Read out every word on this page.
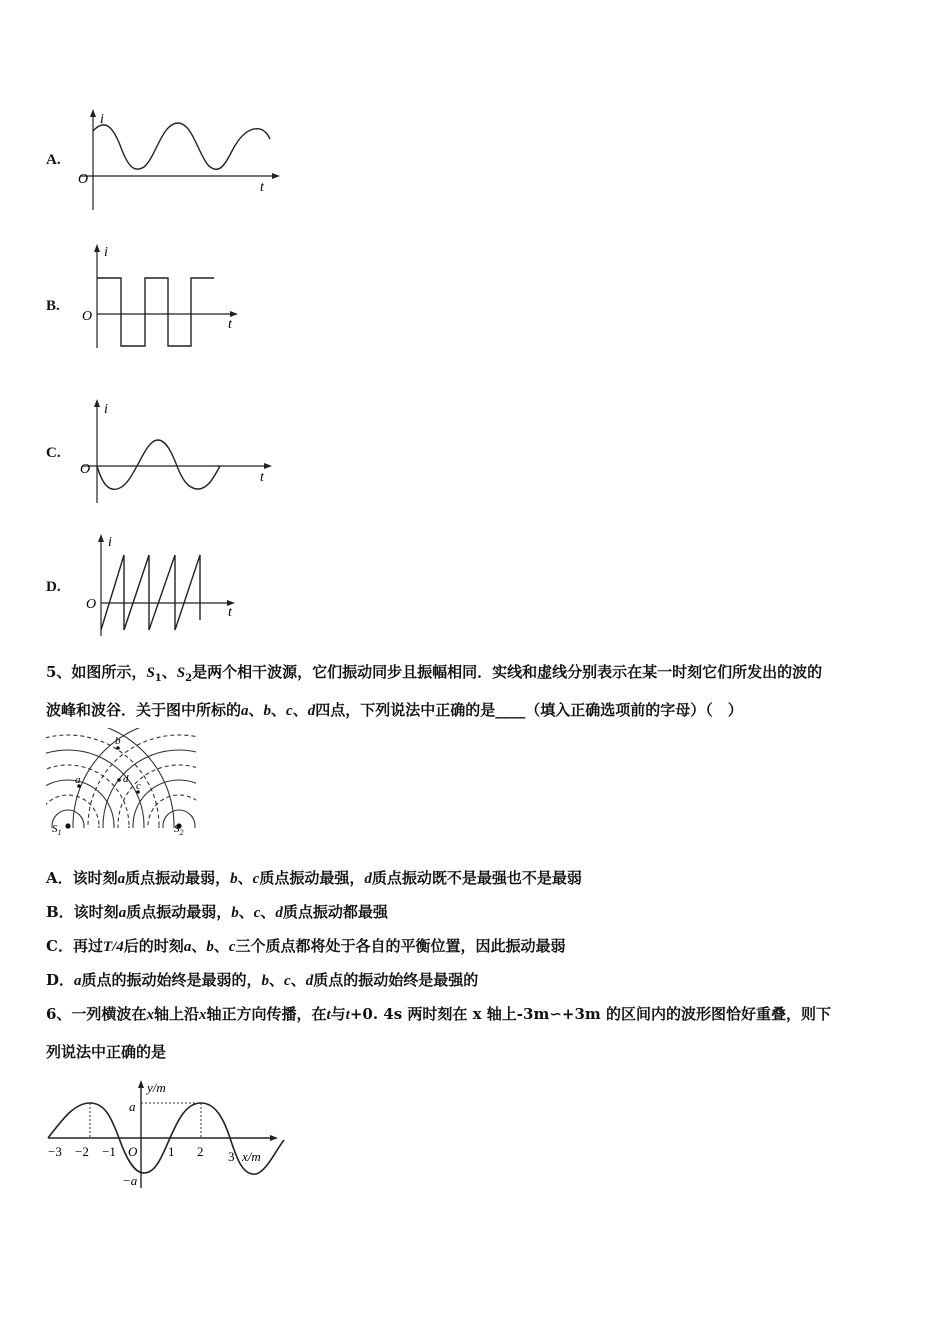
A.
i
t
O
B.
i
t
O
C.
i
t
O
D.
i
t
O
5、如图所示，$S_1$、$S_2$是两个相干波源，它们振动同步且振幅相同．实线和虚线分别表示在某一时刻它们所发出的波的
波峰和波谷．关于图中所标的a、b、c、d四点，下列说法中正确的是____（填入正确选项前的字母）（　）
b
a	c
d
$S_1$	$S_2$
A．该时刻a质点振动最弱，b、c质点振动最强，d质点振动既不是最强也不是最弱
B．该时刻a质点振动最弱，b、c、d质点振动都最强
C．再过T/4后的时刻a、b、c三个质点都将处于各自的平衡位置，因此振动最弱
D．a质点的振动始终是最弱的，b、c、d质点的振动始终是最强的
6、一列横波在x轴上沿x轴正方向传播，在t与t+0. 4s 两时刻在 x 轴上-3m∽+3m 的区间内的波形图恰好重叠，则下
列说法中正确的是
y/m
x/m
a
−a
O
−3 −2 −1	1 2 3
